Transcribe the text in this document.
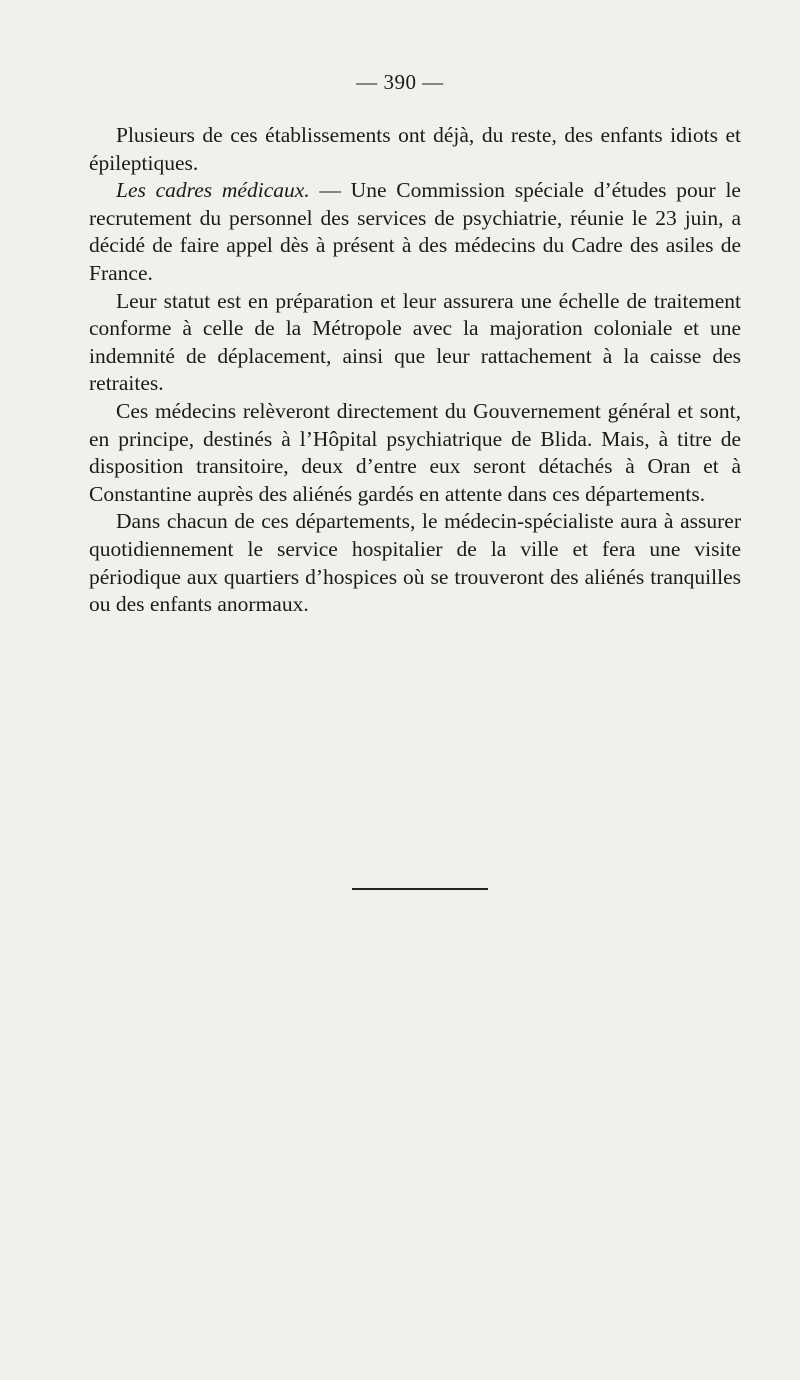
— 390 —

Plusieurs de ces établissements ont déjà, du reste, des enfants idiots et épileptiques.

Les cadres médicaux. — Une Commission spéciale d’études pour le recrutement du personnel des services de psychiatrie, réunie le 23 juin, a décidé de faire appel dès à présent à des médecins du Cadre des asiles de France.

Leur statut est en préparation et leur assurera une échelle de traitement conforme à celle de la Métropole avec la majoration coloniale et une indemnité de déplacement, ainsi que leur rattachement à la caisse des retraites.

Ces médecins relèveront directement du Gouvernement général et sont, en principe, destinés à l’Hôpital psychiatrique de Blida. Mais, à titre de disposition transitoire, deux d’entre eux seront détachés à Oran et à Constantine auprès des aliénés gardés en attente dans ces départements.

Dans chacun de ces départements, le médecin-spécialiste aura à assurer quotidiennement le service hospitalier de la ville et fera une visite périodique aux quartiers d’hospices où se trouveront des aliénés tranquilles ou des enfants anormaux.
